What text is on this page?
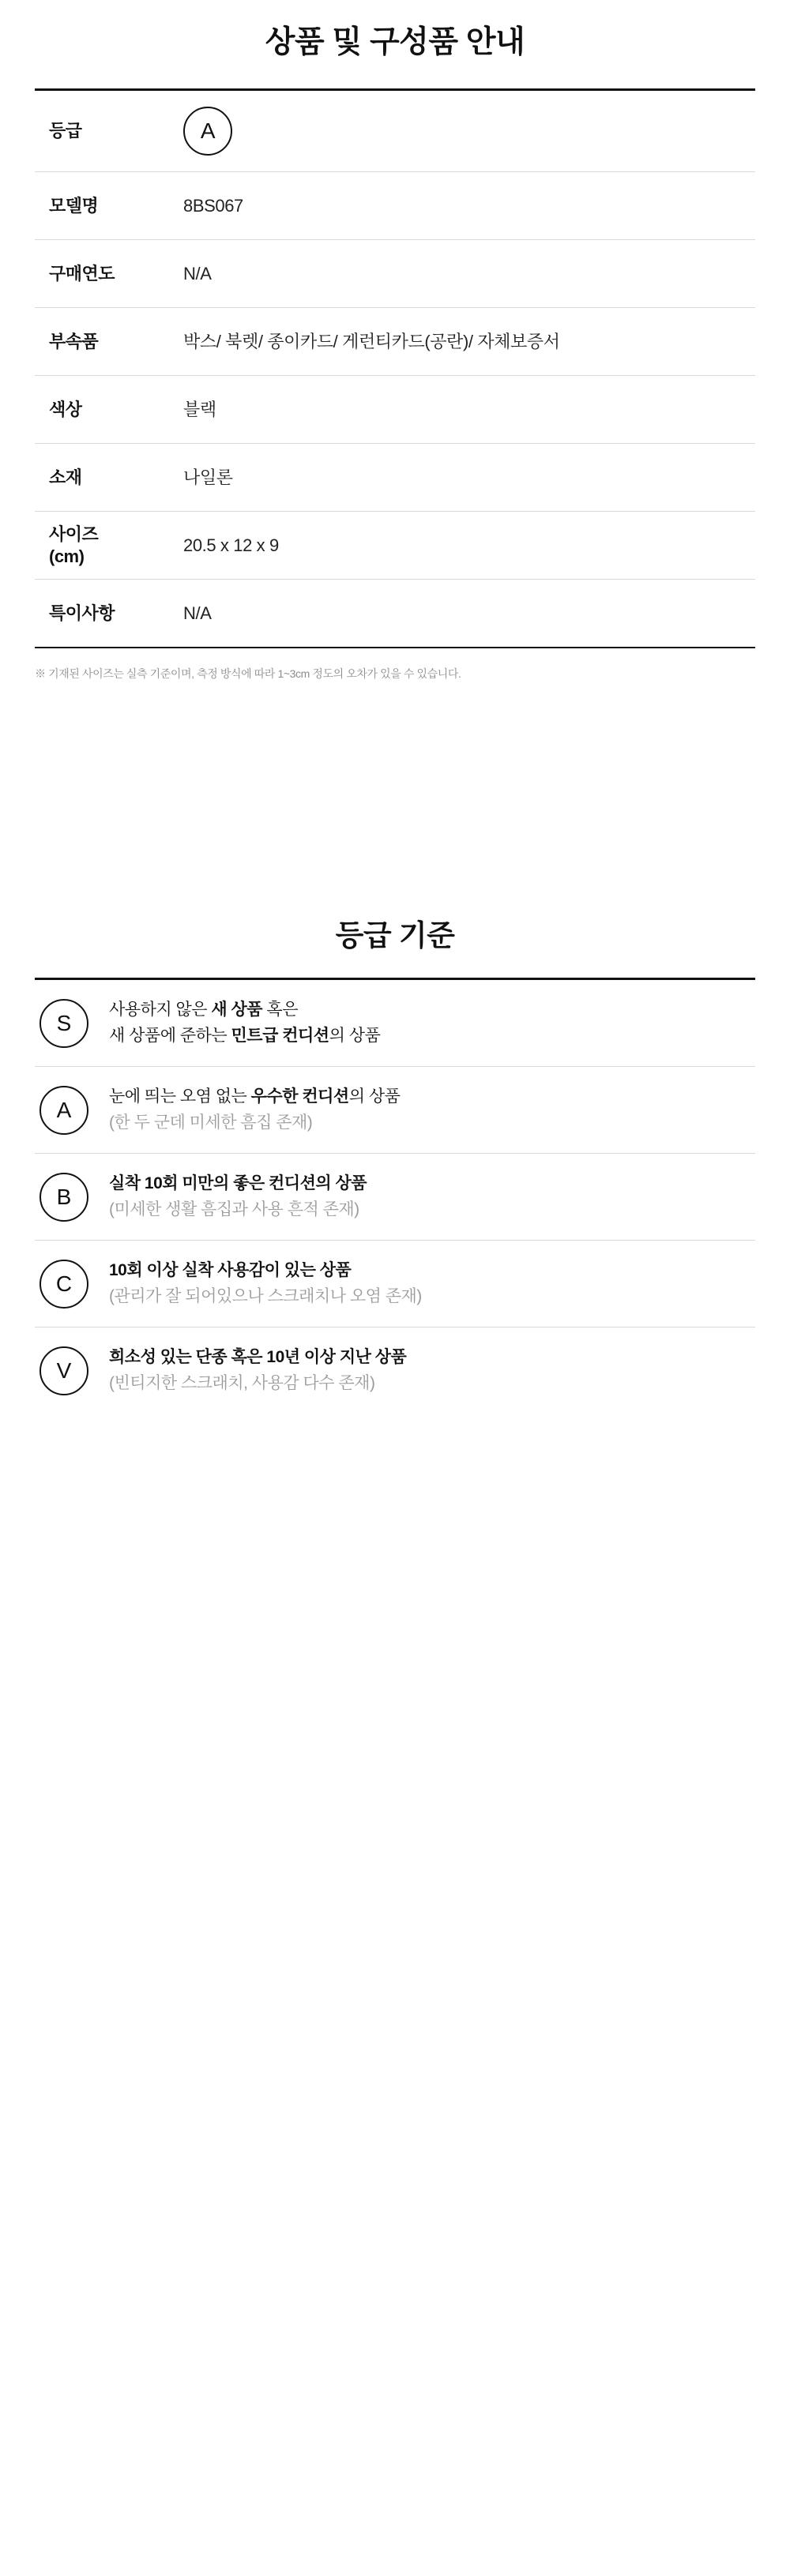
상품 및 구성품 안내
등급	A

모델명	8BS067
구매연도	N/A
부속품	박스/ 북렛/ 종이카드/ 게런티카드(공란)/ 자체보증서
색상	블랙
소재	나일론

사이즈
(cm)	20.5 x 12 x 9
특이사항	N/A
※ 기재된 사이즈는 실측 기준이며, 측정 방식에 따라 1~3cm 정도의 오차가 있을 수 있습니다.
등급 기준
S
사용하지 않은 새 상품 혹은
새 상품에 준하는 민트급 컨디션의 상품
A
눈에 띄는 오염 없는 우수한 컨디션의 상품
(한 두 군데 미세한 흠집 존재)
B
실착 10회 미만의 좋은 컨디션의 상품
(미세한 생활 흠집과 사용 흔적 존재)
C
10회 이상 실착 사용감이 있는 상품
(관리가 잘 되어있으나 스크래치나 오염 존재)
V
희소성 있는 단종 혹은 10년 이상 지난 상품
(빈티지한 스크래치, 사용감 다수 존재)
